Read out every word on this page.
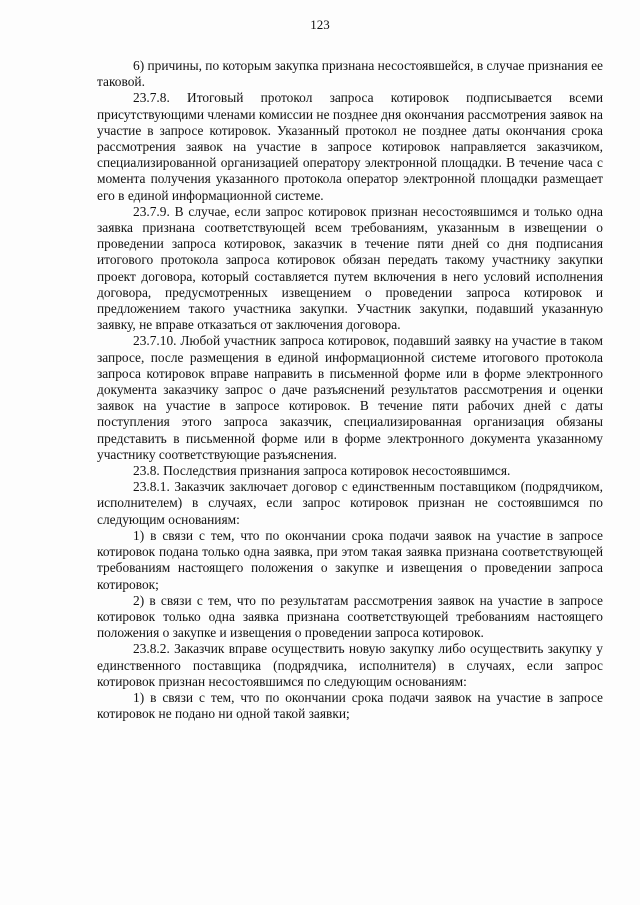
123

6) причины, по которым закупка признана несостоявшейся, в случае признания ее таковой.

23.7.8. Итоговый протокол запроса котировок подписывается всеми присутствующими членами комиссии не позднее дня окончания рассмотрения заявок на участие в запросе котировок. Указанный протокол не позднее даты окончания срока рассмотрения заявок на участие в запросе котировок направляется заказчиком, специализированной организацией оператору электронной площадки. В течение часа с момента получения указанного протокола оператор электронной площадки размещает его в единой информационной системе.

23.7.9. В случае, если запрос котировок признан несостоявшимся и только одна заявка признана соответствующей всем требованиям, указанным в извещении о проведении запроса котировок, заказчик в течение пяти дней со дня подписания итогового протокола запроса котировок обязан передать такому участнику закупки проект договора, который составляется путем включения в него условий исполнения договора, предусмотренных извещением о проведении запроса котировок и предложением такого участника закупки. Участник закупки, подавший указанную заявку, не вправе отказаться от заключения договора.

23.7.10. Любой участник запроса котировок, подавший заявку на участие в таком запросе, после размещения в единой информационной системе итогового протокола запроса котировок вправе направить в письменной форме или в форме электронного документа заказчику запрос о даче разъяснений результатов рассмотрения и оценки заявок на участие в запросе котировок. В течение пяти рабочих дней с даты поступления этого запроса заказчик, специализированная организация обязаны представить в письменной форме или в форме электронного документа указанному участнику соответствующие разъяснения.

23.8. Последствия признания запроса котировок несостоявшимся.

23.8.1. Заказчик заключает договор с единственным поставщиком (подрядчиком, исполнителем) в случаях, если запрос котировок признан не состоявшимся по следующим основаниям:

1) в связи с тем, что по окончании срока подачи заявок на участие в запросе котировок подана только одна заявка, при этом такая заявка признана соответствующей требованиям настоящего положения о закупке и извещения о проведении запроса котировок;

2) в связи с тем, что по результатам рассмотрения заявок на участие в запросе котировок только одна заявка признана соответствующей требованиям настоящего положения о закупке и извещения о проведении запроса котировок.

23.8.2. Заказчик вправе осуществить новую закупку либо осуществить закупку у единственного поставщика (подрядчика, исполнителя) в случаях, если запрос котировок признан несостоявшимся по следующим основаниям:

1) в связи с тем, что по окончании срока подачи заявок на участие в запросе котировок не подано ни одной такой заявки;
